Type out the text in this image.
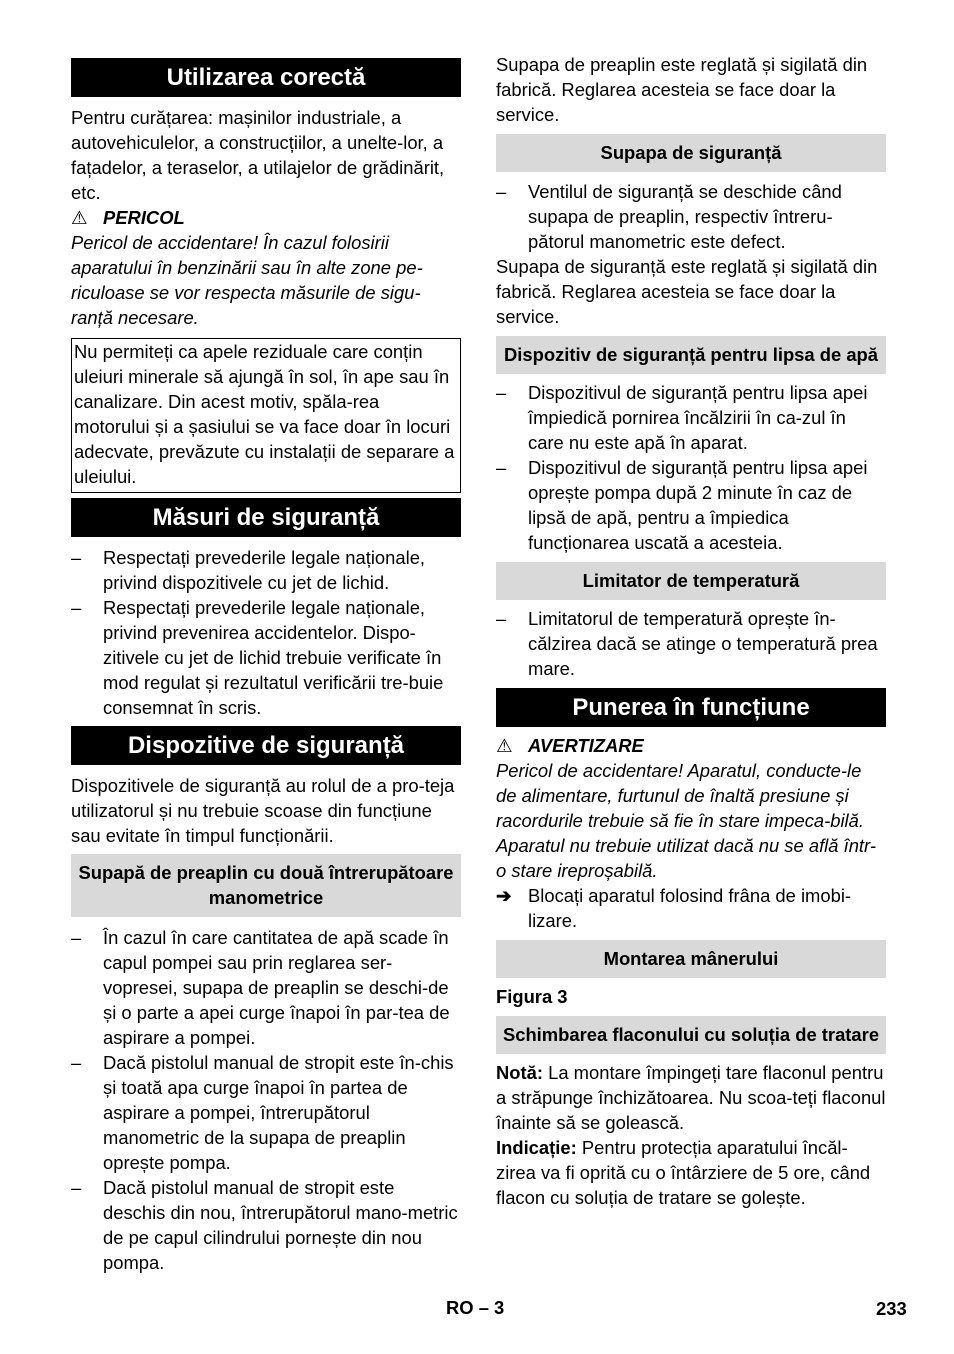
Utilizarea corectă

Pentru curățarea: mașinilor industriale, a autovehiculelor, a construcțiilor, a unelte-lor, a fațadelor, a teraselor, a utilajelor de grădinărit, etc.

⚠ PERICOL

Pericol de accidentare! În cazul folosirii aparatului în benzinării sau în alte zone pe-riculoase se vor respecta măsurile de sigu-ranță necesare.

Nu permiteți ca apele reziduale care conțin uleiuri minerale să ajungă în sol, în ape sau în canalizare. Din acest motiv, spăla-rea motorului și a șasiului se va face doar în locuri adecvate, prevăzute cu instalații de separare a uleiului.
Măsuri de siguranță
– Respectați prevederile legale naționale, privind dispozitivele cu jet de lichid.
– Respectați prevederile legale naționale, privind prevenirea accidentelor. Dispo-zitivele cu jet de lichid trebuie verificate în mod regulat și rezultatul verificării tre-buie consemnat în scris.
Dispozitive de siguranță

Dispozitivele de siguranță au rolul de a pro-teja utilizatorul și nu trebuie scoase din funcțiune sau evitate în timpul funcționării.

Supapă de preaplin cu două întrerupătoare manometrice
– În cazul în care cantitatea de apă scade în capul pompei sau prin reglarea ser-vopresei, supapa de preaplin se deschi-de și o parte a apei curge înapoi în par-tea de aspirare a pompei.
– Dacă pistolul manual de stropit este în-chis și toată apa curge înapoi în partea de aspirare a pompei, întrerupătorul manometric de la supapa de preaplin oprește pompa.
– Dacă pistolul manual de stropit este deschis din nou, întrerupătorul mano-metric de pe capul cilindrului pornește din nou pompa.

Supapa de preaplin este reglată și sigilată din fabrică. Reglarea acesteia se face doar la service.

Supapa de siguranță
– Ventilul de siguranță se deschide când supapa de preaplin, respectiv întreru-pătorul manometric este defect.

Supapa de siguranță este reglată și sigilată din fabrică. Reglarea acesteia se face doar la service.

Dispozitiv de siguranță pentru lipsa de apă
– Dispozitivul de siguranță pentru lipsa apei împiedică pornirea încălzirii în ca-zul în care nu este apă în aparat.
– Dispozitivul de siguranță pentru lipsa apei oprește pompa după 2 minute în caz de lipsă de apă, pentru a împiedica funcționarea uscată a acesteia.
Limitator de temperatură
– Limitatorul de temperatură oprește în-călzirea dacă se atinge o temperatură prea mare.
Punerea în funcțiune
⚠ AVERTIZARE

Pericol de accidentare! Aparatul, conducte-le de alimentare, furtunul de înaltă presiune și racordurile trebuie să fie în stare impeca-bilă. Aparatul nu trebuie utilizat dacă nu se află într-o stare ireproșabilă.

➔ Blocați aparatul folosind frâna de imobi-lizare.
Montarea mânerului

Figura 3

Schimbarea flaconului cu soluția de tratare

Notă: La montare împingeți tare flaconul pentru a străpunge închizătoarea. Nu scoa-teți flaconul înainte să se golească.

Indicație: Pentru protecția aparatului încăl-zirea va fi oprită cu o întârziere de 5 ore, când flacon cu soluția de tratare se golește.

RO – 3	233
